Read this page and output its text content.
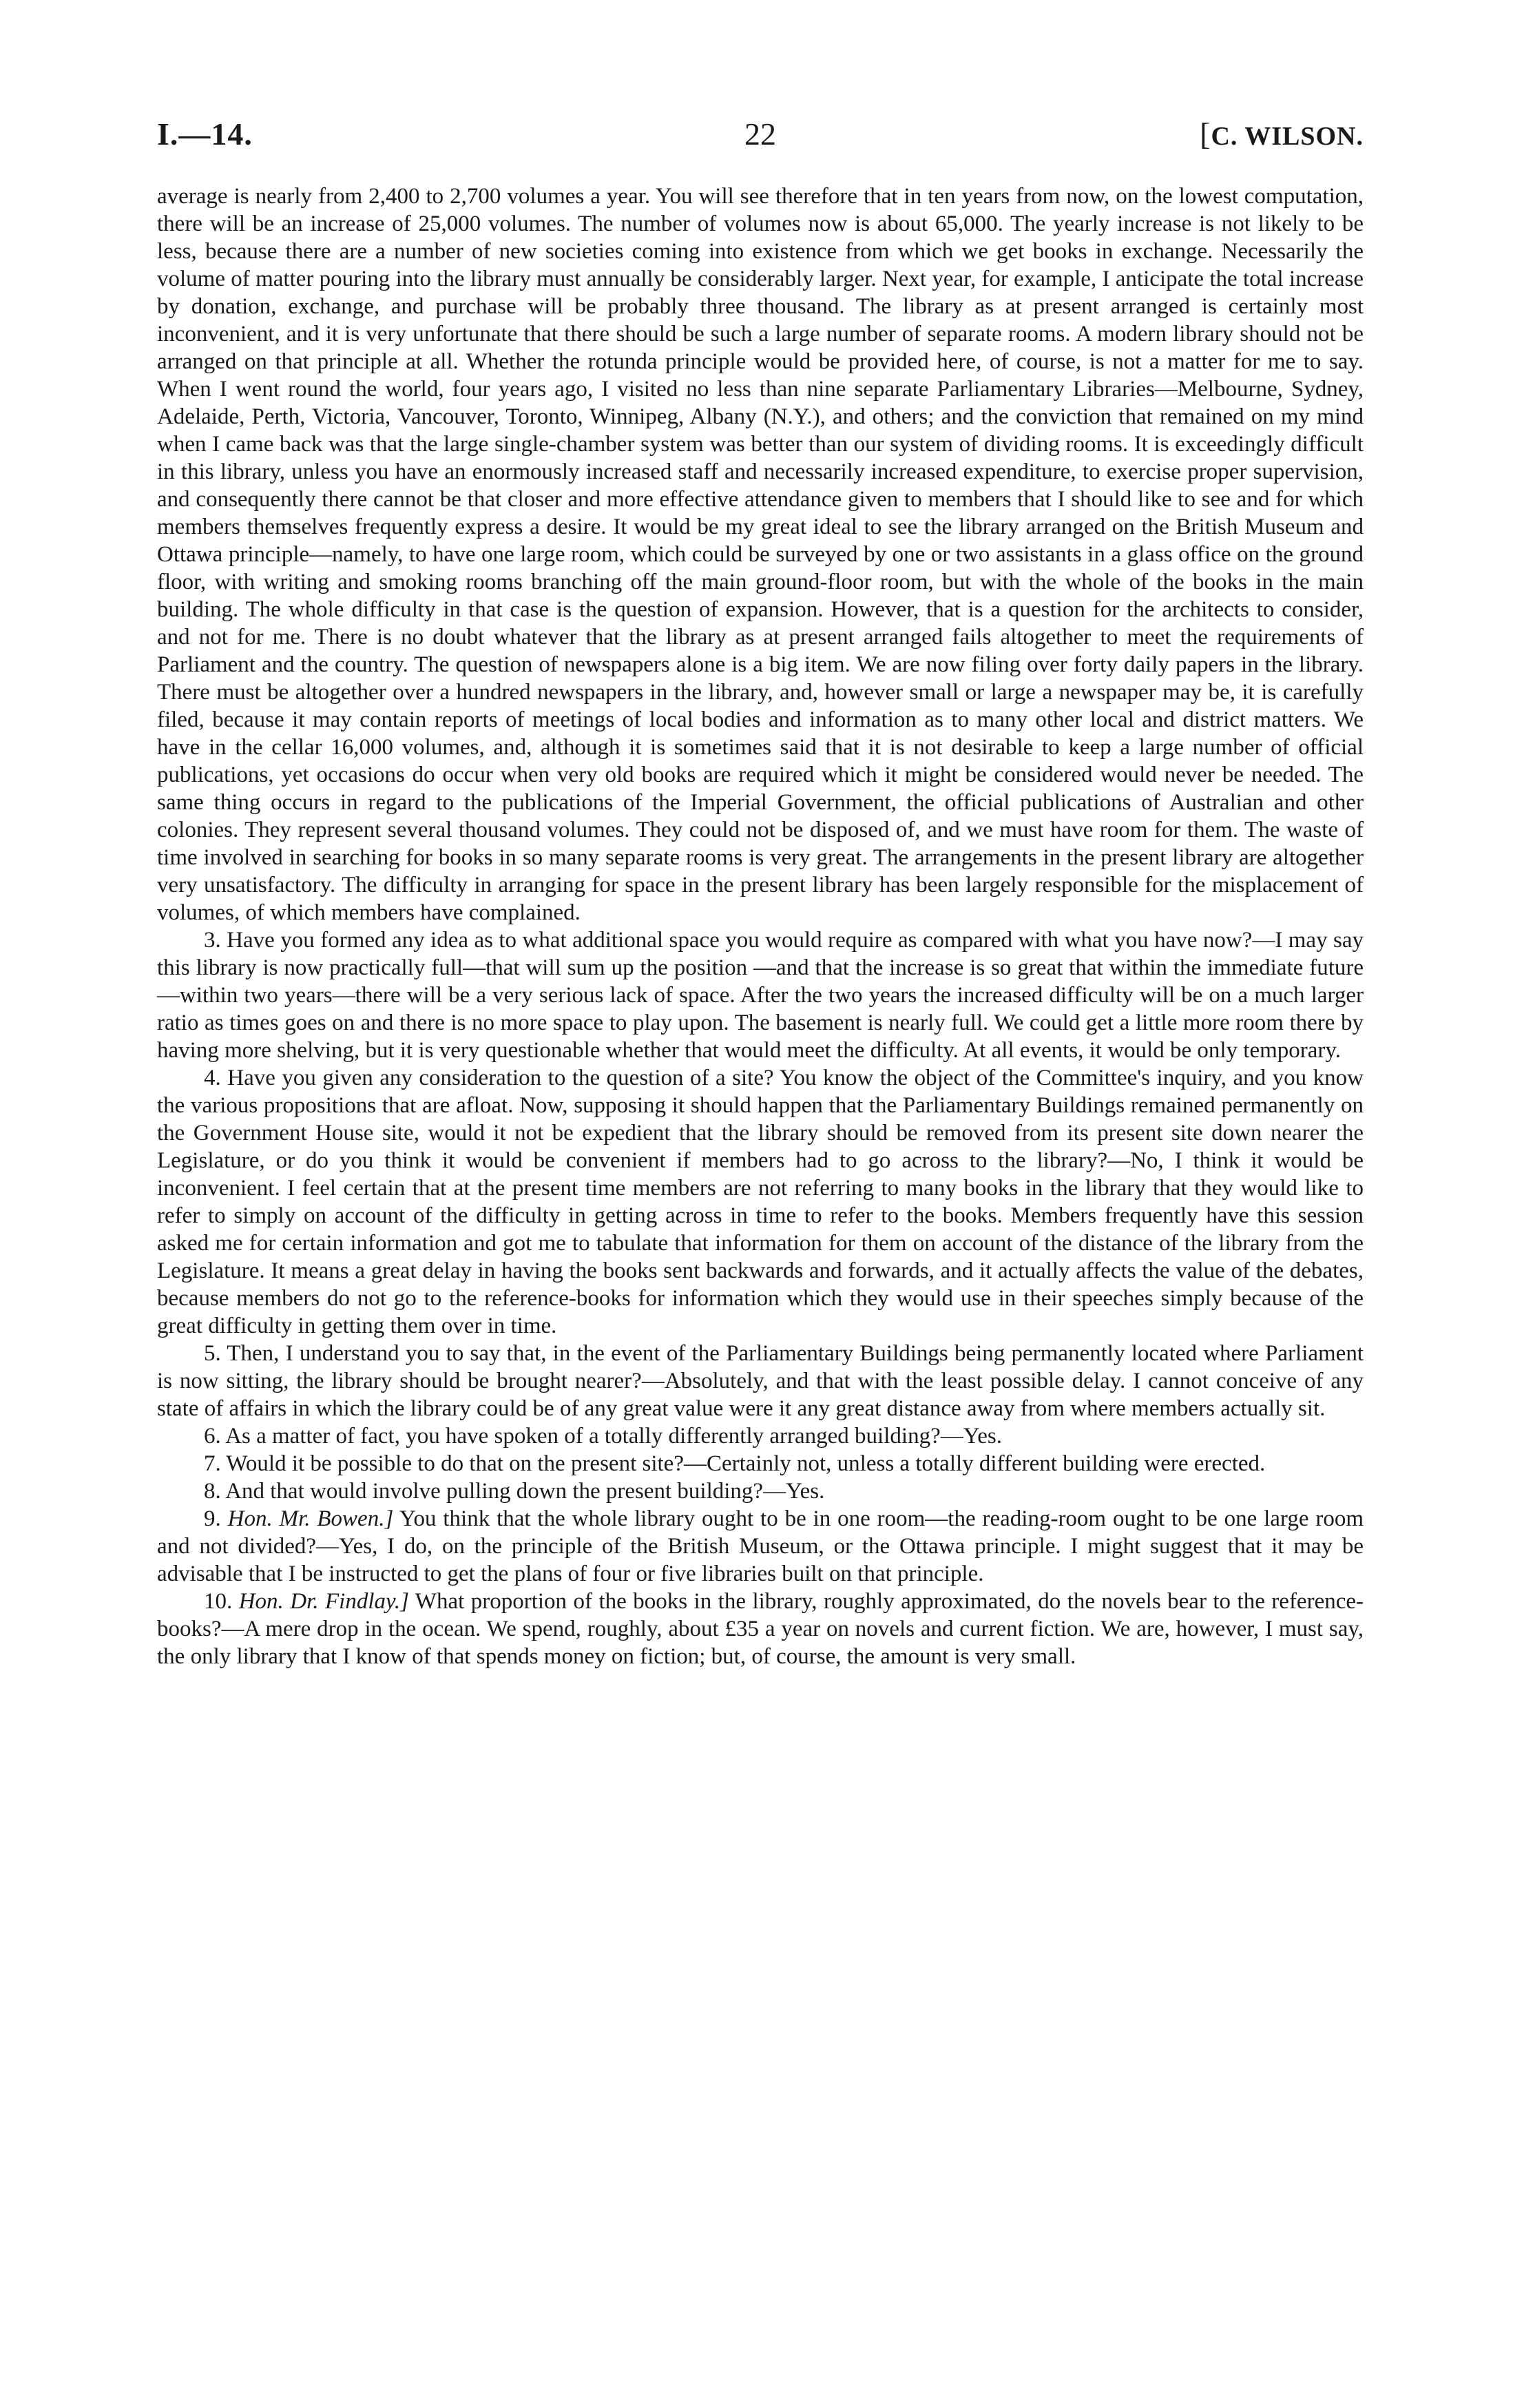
I.—14.	22	[C. WILSON.

average is nearly from 2,400 to 2,700 volumes a year. You will see therefore that in ten years from now, on the lowest computation, there will be an increase of 25,000 volumes. The number of volumes now is about 65,000. The yearly increase is not likely to be less, because there are a number of new societies coming into existence from which we get books in exchange. Necessarily the volume of matter pouring into the library must annually be considerably larger. Next year, for example, I anticipate the total increase by donation, exchange, and purchase will be probably three thousand. The library as at present arranged is certainly most inconvenient, and it is very unfortunate that there should be such a large number of separate rooms. A modern library should not be arranged on that principle at all. Whether the rotunda principle would be provided here, of course, is not a matter for me to say. When I went round the world, four years ago, I visited no less than nine separate Parliamentary Libraries—Melbourne, Sydney, Adelaide, Perth, Victoria, Vancouver, Toronto, Winnipeg, Albany (N.Y.), and others; and the conviction that remained on my mind when I came back was that the large single-chamber system was better than our system of dividing rooms. It is exceedingly difficult in this library, unless you have an enormously increased staff and necessarily increased expenditure, to exercise proper supervision, and consequently there cannot be that closer and more effective attendance given to members that I should like to see and for which members themselves frequently express a desire. It would be my great ideal to see the library arranged on the British Museum and Ottawa principle—namely, to have one large room, which could be surveyed by one or two assistants in a glass office on the ground floor, with writing and smoking rooms branching off the main ground-floor room, but with the whole of the books in the main building. The whole difficulty in that case is the question of expansion. However, that is a question for the architects to consider, and not for me. There is no doubt whatever that the library as at present arranged fails altogether to meet the requirements of Parliament and the country. The question of newspapers alone is a big item. We are now filing over forty daily papers in the library. There must be altogether over a hundred newspapers in the library, and, however small or large a newspaper may be, it is carefully filed, because it may contain reports of meetings of local bodies and information as to many other local and district matters. We have in the cellar 16,000 volumes, and, although it is sometimes said that it is not desirable to keep a large number of official publications, yet occasions do occur when very old books are required which it might be considered would never be needed. The same thing occurs in regard to the publications of the Imperial Government, the official publications of Australian and other colonies. They represent several thousand volumes. They could not be disposed of, and we must have room for them. The waste of time involved in searching for books in so many separate rooms is very great. The arrangements in the present library are altogether very unsatisfactory. The difficulty in arranging for space in the present library has been largely responsible for the misplacement of volumes, of which members have complained.

3. Have you formed any idea as to what additional space you would require as compared with what you have now?—I may say this library is now practically full—that will sum up the position —and that the increase is so great that within the immediate future—within two years—there will be a very serious lack of space. After the two years the increased difficulty will be on a much larger ratio as times goes on and there is no more space to play upon. The basement is nearly full. We could get a little more room there by having more shelving, but it is very questionable whether that would meet the difficulty. At all events, it would be only temporary.

4. Have you given any consideration to the question of a site? You know the object of the Committee's inquiry, and you know the various propositions that are afloat. Now, supposing it should happen that the Parliamentary Buildings remained permanently on the Government House site, would it not be expedient that the library should be removed from its present site down nearer the Legislature, or do you think it would be convenient if members had to go across to the library?—No, I think it would be inconvenient. I feel certain that at the present time members are not referring to many books in the library that they would like to refer to simply on account of the difficulty in getting across in time to refer to the books. Members frequently have this session asked me for certain information and got me to tabulate that information for them on account of the distance of the library from the Legislature. It means a great delay in having the books sent backwards and forwards, and it actually affects the value of the debates, because members do not go to the reference-books for information which they would use in their speeches simply because of the great difficulty in getting them over in time.

5. Then, I understand you to say that, in the event of the Parliamentary Buildings being permanently located where Parliament is now sitting, the library should be brought nearer?—Absolutely, and that with the least possible delay. I cannot conceive of any state of affairs in which the library could be of any great value were it any great distance away from where members actually sit.

6. As a matter of fact, you have spoken of a totally differently arranged building?—Yes.

7. Would it be possible to do that on the present site?—Certainly not, unless a totally different building were erected.

8. And that would involve pulling down the present building?—Yes.

9. Hon. Mr. Bowen.] You think that the whole library ought to be in one room—the reading-room ought to be one large room and not divided?—Yes, I do, on the principle of the British Museum, or the Ottawa principle. I might suggest that it may be advisable that I be instructed to get the plans of four or five libraries built on that principle.

10. Hon. Dr. Findlay.] What proportion of the books in the library, roughly approximated, do the novels bear to the reference-books?—A mere drop in the ocean. We spend, roughly, about £35 a year on novels and current fiction. We are, however, I must say, the only library that I know of that spends money on fiction; but, of course, the amount is very small.
